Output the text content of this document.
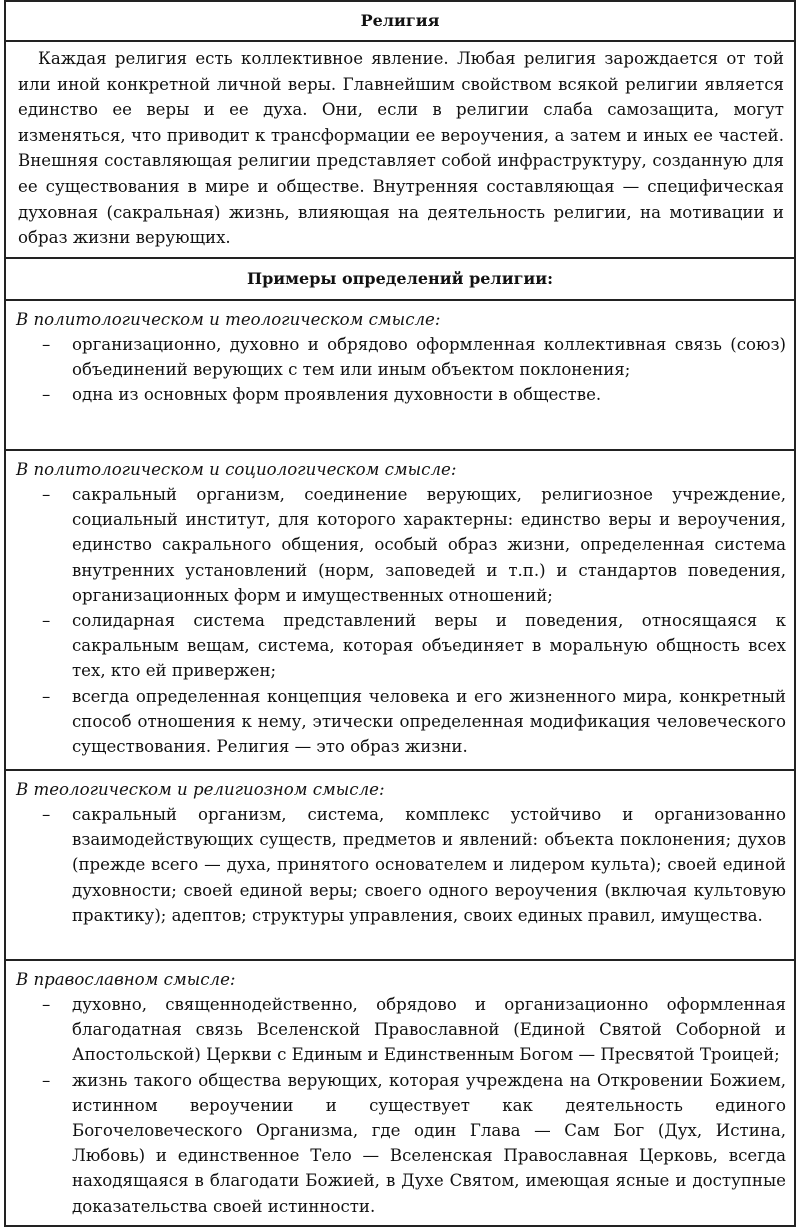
Религия
Каждая религия есть коллективное явление. Любая религия зарождается от той или иной конкретной личной веры. Главнейшим свойством всякой религии является единство ее веры и ее духа. Они, если в религии слаба самозащита, могут изменяться, что приводит к трансформации ее вероучения, а затем и иных ее частей. Внешняя составляющая религии представляет собой инфраструктуру, созданную для ее существования в мире и обществе. Внутренняя составляющая — специфическая духовная (сакральная) жизнь, влияющая на деятельность религии, на мотивации и образ жизни верующих.
Примеры определений религии:

В политологическом и теологическом смысле:
– организационно, духовно и обрядово оформленная коллективная связь (союз) объединений верующих с тем или иным объектом поклонения;
– одна из основных форм проявления духовности в обществе.

В политологическом и социологическом смысле:
– сакральный организм, соединение верующих, религиозное учреждение, социальный институт, для которого характерны: единство веры и вероучения, единство сакрального общения, особый образ жизни, определенная система внутренних установлений (норм, заповедей и т.п.) и стандартов поведения, организационных форм и имущественных отношений;
– солидарная система представлений веры и поведения, относящаяся к сакральным вещам, система, которая объединяет в моральную общность всех тех, кто ей привержен;
– всегда определенная концепция человека и его жизненного мира, конкретный способ отношения к нему, этически определенная модификация человеческого существования. Религия — это образ жизни.

В теологическом и религиозном смысле:
– сакральный организм, система, комплекс устойчиво и организованно взаимодействующих существ, предметов и явлений: объекта поклонения; духов (прежде всего — духа, принятого основателем и лидером культа); своей единой духовности; своей единой веры; своего одного вероучения (включая культовую практику); адептов; структуры управления, своих единых правил, имущества.

В православном смысле:
– духовно, священнодейственно, обрядово и организационно оформленная благодатная связь Вселенской Православной (Единой Святой Соборной и Апостольской) Церкви с Единым и Единственным Богом — Пресвятой Троицей;
– жизнь такого общества верующих, которая учреждена на Откровении Божием, истинном вероучении и существует как деятельность единого Богочеловеческого Организма, где один Глава — Сам Бог (Дух, Истина, Любовь) и единственное Тело — Вселенская Православная Церковь, всегда находящаяся в благодати Божией, в Духе Святом, имеющая ясные и доступные доказательства своей истинности.
